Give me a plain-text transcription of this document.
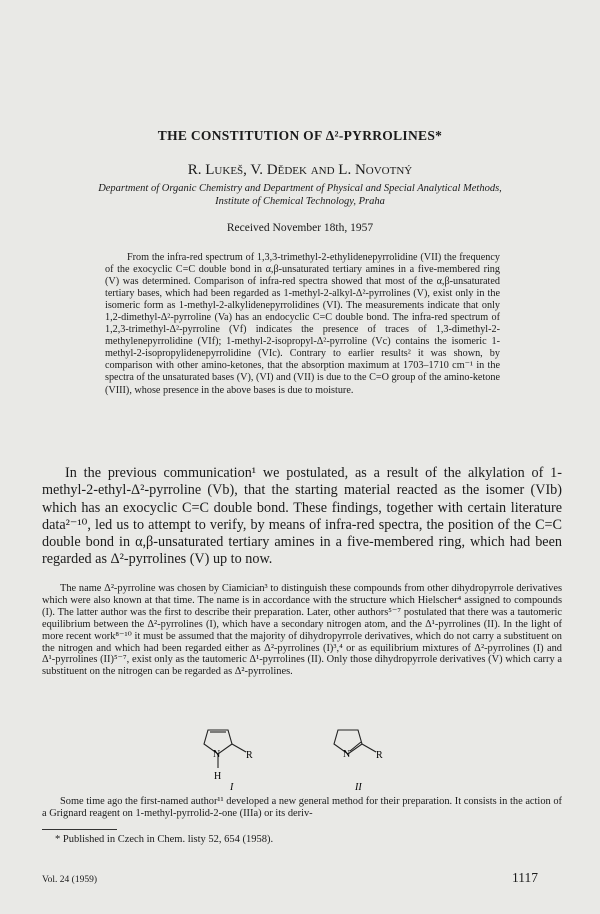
THE CONSTITUTION OF Δ²-PYRROLINES*
R. Lukeš, V. Dědek and L. Novotný
Department of Organic Chemistry and Department of Physical and Special Analytical Methods,
Institute of Chemical Technology, Praha
Received November 18th, 1957

From the infra-red spectrum of 1,3,3-trimethyl-2-ethylidenepyrrolidine (VII) the frequency of the exocyclic C=C double bond in α,β-unsaturated tertiary amines in a five-membered ring (V) was determined. Comparison of infra-red spectra showed that most of the α,β-unsaturated tertiary bases, which had been regarded as 1-methyl-2-alkyl-Δ²-pyrrolines (V), exist only in the isomeric form as 1-methyl-2-alkylidenepyrrolidines (VI). The measurements indicate that only 1,2-dimethyl-Δ²-pyrroline (Va) has an endocyclic C=C double bond. The infra-red spectrum of 1,2,3-trimethyl-Δ²-pyrroline (Vf) indicates the presence of traces of 1,3-dimethyl-2-methylenepyrrolidine (VIf); 1-methyl-2-isopropyl-Δ²-pyrroline (Vc) contains the isomeric 1-methyl-2-isopropylidenepyrrolidine (VIc). Contrary to earlier results² it was shown, by comparison with other amino-ketones, that the absorption maximum at 1703–1710 cm⁻¹ in the spectra of the unsaturated bases (V), (VI) and (VII) is due to the C=O group of the amino-ketone (VIII), whose presence in the above bases is due to moisture.

In the previous communication¹ we postulated, as a result of the alkylation of 1-methyl-2-ethyl-Δ²-pyrroline (Vb), that the starting material reacted as the isomer (VIb) which has an exocyclic C=C double bond. These findings, together with certain literature data²⁻¹⁰, led us to attempt to verify, by means of infra-red spectra, the position of the C=C double bond in α,β-unsaturated tertiary amines in a five-membered ring, which had been regarded as Δ²-pyrrolines (V) up to now.

The name Δ²-pyrroline was chosen by Ciamician³ to distinguish these compounds from other dihydropyrrole derivatives which were also known at that time. The name is in accordance with the structure which Hielscher⁴ assigned to compounds (I). The latter author was the first to describe their preparation. Later, other authors⁵⁻⁷ postulated that there was a tautomeric equilibrium between the Δ²-pyrrolines (I), which have a secondary nitrogen atom, and the Δ¹-pyrrolines (II). In the light of more recent work⁸⁻¹⁰ it must be assumed that the majority of dihydropyrrole derivatives, which do not carry a substituent on the nitrogen and which had been regarded either as Δ²-pyrrolines (I)³,⁴ or as equilibrium mixtures of Δ²-pyrrolines (I) and Δ¹-pyrrolines (II)⁵⁻⁷, exist only as the tautomeric Δ¹-pyrrolines (II). Only those dihydropyrrole derivatives (V) which carry a substituent on the nitrogen can be regarded as Δ²-pyrrolines.

N	R
H
I
N	R
II

Some time ago the first-named author¹¹ developed a new general method for their preparation. It consists in the action of a Grignard reagent on 1-methyl-pyrrolid-2-one (IIIa) or its deriv-

* Published in Czech in Chem. listy 52, 654 (1958).
Vol. 24 (1959)	1117
